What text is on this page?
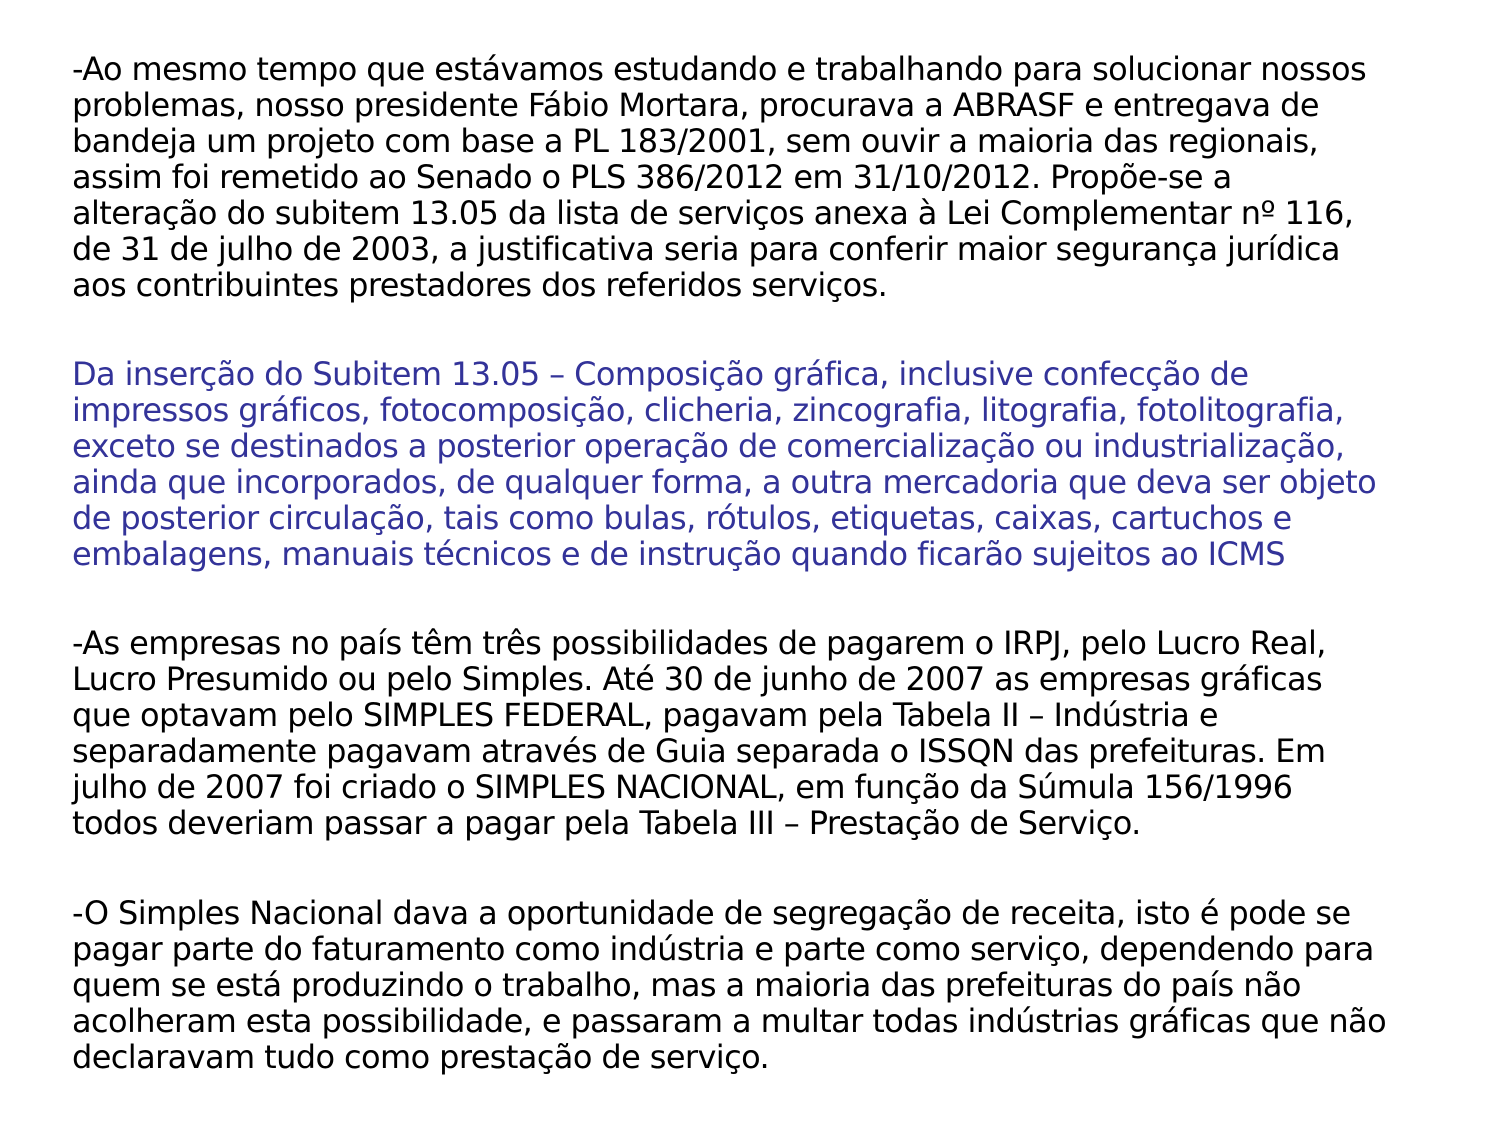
-Ao mesmo tempo que estávamos estudando e trabalhando para solucionar nossos
problemas, nosso presidente Fábio Mortara, procurava a ABRASF e entregava de
bandeja um projeto com base a PL 183/2001, sem ouvir a maioria das regionais,
assim foi remetido ao Senado o PLS 386/2012 em 31/10/2012. Propõe-se a
alteração do subitem 13.05 da lista de serviços anexa à Lei Complementar nº 116,
de 31 de julho de 2003, a justificativa seria para conferir maior segurança jurídica
aos contribuintes prestadores dos referidos serviços.

Da inserção do Subitem 13.05 – Composição gráfica, inclusive confecção de
impressos gráficos, fotocomposição, clicheria, zincografia, litografia, fotolitografia,
exceto se destinados a posterior operação de comercialização ou industrialização,
ainda que incorporados, de qualquer forma, a outra mercadoria que deva ser objeto
de posterior circulação, tais como bulas, rótulos, etiquetas, caixas, cartuchos e
embalagens, manuais técnicos e de instrução quando ficarão sujeitos ao ICMS

-As empresas no país têm três possibilidades de pagarem o IRPJ, pelo Lucro Real,
Lucro Presumido ou pelo Simples. Até 30 de junho de 2007 as empresas gráficas
que optavam pelo SIMPLES FEDERAL, pagavam pela Tabela II – Indústria e
separadamente pagavam através de Guia separada o ISSQN das prefeituras. Em
julho de 2007 foi criado o SIMPLES NACIONAL, em função da Súmula 156/1996
todos deveriam passar a pagar pela Tabela III – Prestação de Serviço.

-O Simples Nacional dava a oportunidade de segregação de receita, isto é pode se
pagar parte do faturamento como indústria e parte como serviço, dependendo para
quem se está produzindo o trabalho, mas a maioria das prefeituras do país não
acolheram esta possibilidade, e passaram a multar todas indústrias gráficas que não
declaravam tudo como prestação de serviço.
